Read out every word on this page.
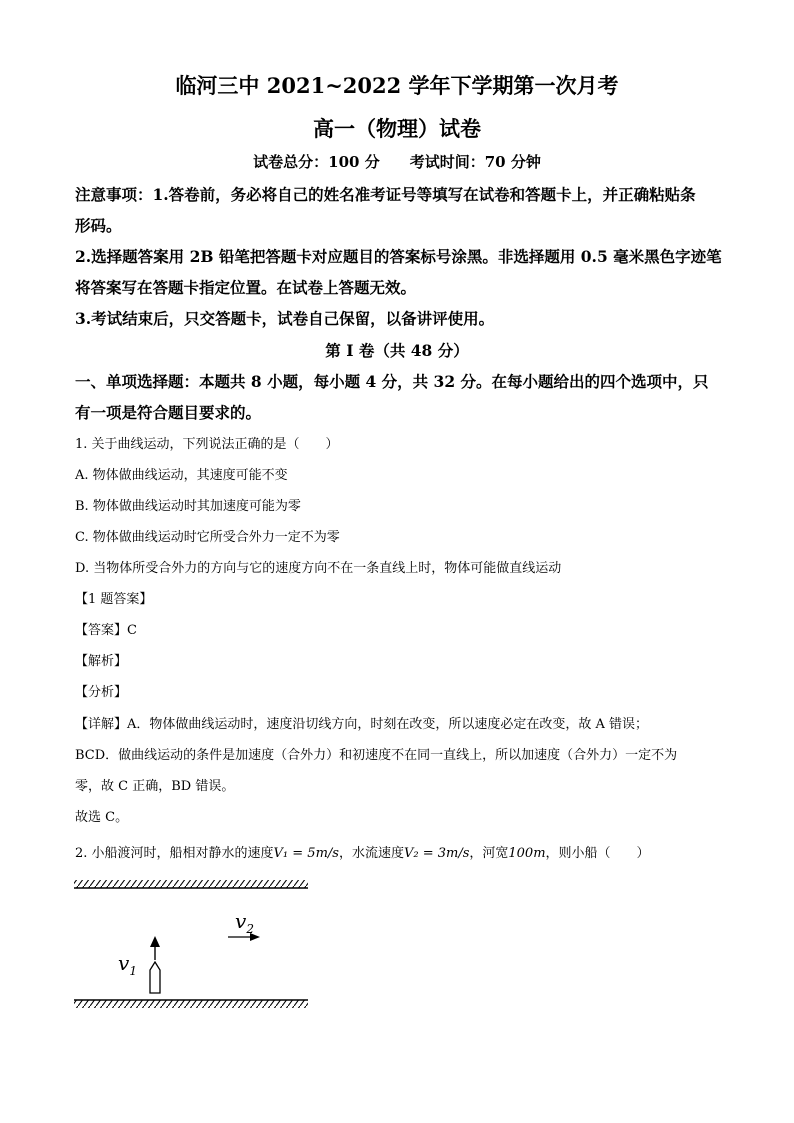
临河三中 2021~2022 学年下学期第一次月考
高一（物理）试卷
试卷总分：100 分 考试时间：70 分钟
注意事项：1.答卷前，务必将自己的姓名准考证号等填写在试卷和答题卡上，并正确粘贴条
形码。
2.选择题答案用 2B 铅笔把答题卡对应题目的答案标号涂黑。非选择题用 0.5 毫米黑色字迹笔
将答案写在答题卡指定位置。在试卷上答题无效。
3.考试结束后，只交答题卡，试卷自己保留，以备讲评使用。
第 I 卷（共 48 分）
一、单项选择题：本题共 8 小题，每小题 4 分，共 32 分。在每小题给出的四个选项中，只
有一项是符合题目要求的。
1. 关于曲线运动，下列说法正确的是（　　）
A. 物体做曲线运动，其速度可能不变
B. 物体做曲线运动时其加速度可能为零
C. 物体做曲线运动时它所受合外力一定不为零
D. 当物体所受合外力的方向与它的速度方向不在一条直线上时，物体可能做直线运动
【1 题答案】
【答案】C
【解析】
【分析】
【详解】A．物体做曲线运动时，速度沿切线方向，时刻在改变，所以速度必定在改变，故 A 错误；
BCD．做曲线运动的条件是加速度（合外力）和初速度不在同一直线上，所以加速度（合外力）一定不为
零，故 C 正确，BD 错误。
故选 C。
2. 小船渡河时，船相对静水的速度V₁ = 5m/s，水流速度V₂ = 3m/s，河宽100m，则小船（　　）
$v_1$
$v_2$
